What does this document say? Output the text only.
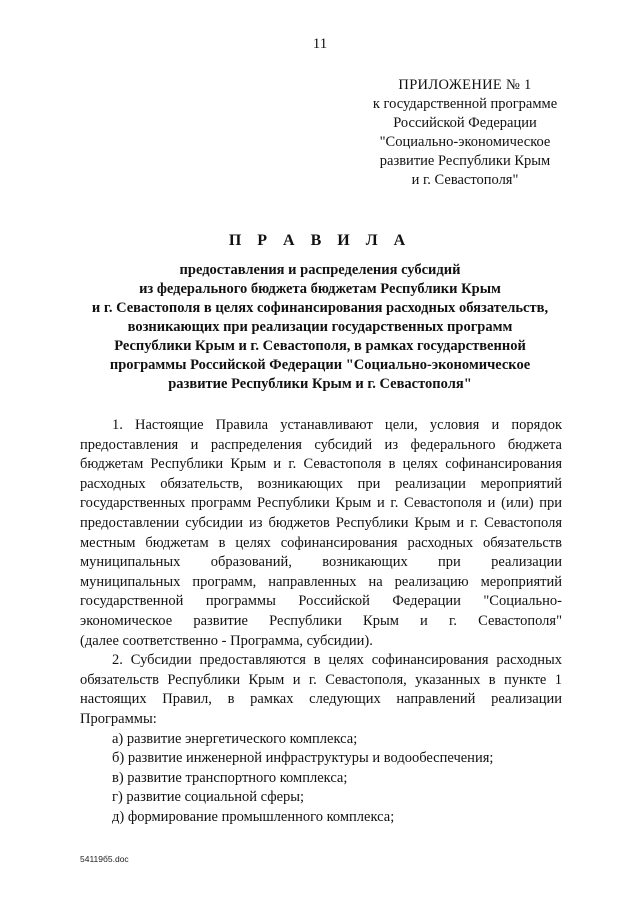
11
ПРИЛОЖЕНИЕ № 1
к государственной программе
Российской Федерации
"Социально-экономическое
развитие Республики Крым
и г. Севастополя"
П Р А В И Л А
предоставления и распределения субсидий
из федерального бюджета бюджетам Республики Крым
и г. Севастополя в целях софинансирования расходных обязательств,
возникающих при реализации государственных программ
Республики Крым и г. Севастополя, в рамках государственной
программы Российской Федерации "Социально-экономическое
развитие Республики Крым и г. Севастополя"
1. Настоящие Правила устанавливают цели, условия и порядок
предоставления и распределения субсидий из федерального бюджета
бюджетам Республики Крым и г. Севастополя в целях софинансирования
расходных обязательств, возникающих при реализации мероприятий
государственных программ Республики Крым и г. Севастополя и (или) при
предоставлении субсидии из бюджетов Республики Крым и г. Севастополя
местным бюджетам в целях софинансирования расходных обязательств
муниципальных образований, возникающих при реализации
муниципальных программ, направленных на реализацию мероприятий
государственной программы Российской Федерации "Социально-
экономическое развитие Республики Крым и г. Севастополя"
(далее соответственно - Программа, субсидии).
2. Субсидии предоставляются в целях софинансирования расходных
обязательств Республики Крым и г. Севастополя, указанных в пункте 1
настоящих Правил, в рамках следующих направлений реализации
Программы:
а) развитие энергетического комплекса;
б) развитие инженерной инфраструктуры и водообеспечения;
в) развитие транспортного комплекса;
г) развитие социальной сферы;
д) формирование промышленного комплекса;
54119б5.doc
